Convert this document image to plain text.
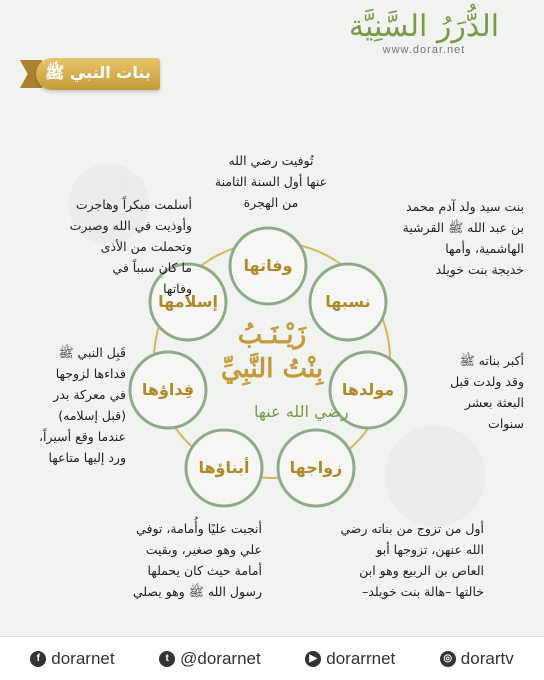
الدُّرَرُ السَّنِيَّة
www.dorar.net
بنات النبي ﷺ
وفاتها
نسبها
مولدها
زواجها
أبناؤها
فِداؤها
إسلامها
زَيْـنَـبُ
بِنْتُ النَّبِيِّ
رضي الله عنها
تُوفيت رضي الله
عنها أول السنة الثامنة
من الهجرة	بنت سيد ولد آدم محمد
بن عبد الله ﷺ القرشية
الهاشمية، وأمها
خديجة بنت خويلد
أكبر بناته ﷺ
وقد ولدت قبل
البعثة بعشر
سنوات
أول من تزوج من بناته رضي
الله عنهن، تزوجها أبو
العاص بن الربيع وهو ابن
خالتها –هالة بنت خويلد–
أنجبت عليًا وأُمامة، توفي
علي وهو صغير، وبقيت
أمامة حيث كان يحملها
رسول الله ﷺ وهو يصلي
قَبِل النبي ﷺ
فداءها لزوجها
في معركة بدر
(قبل إسلامه)
عندما وقع أسيراً،
ورد إليها متاعها
أسلمت مبكراً وهاجرت
وأوذيت في الله وصبرت
وتحملت من الأذى
ما كان سبباً في
وفاتها
f dorarnet	t @dorarnet	▶ dorarrnet	◎ dorartv
